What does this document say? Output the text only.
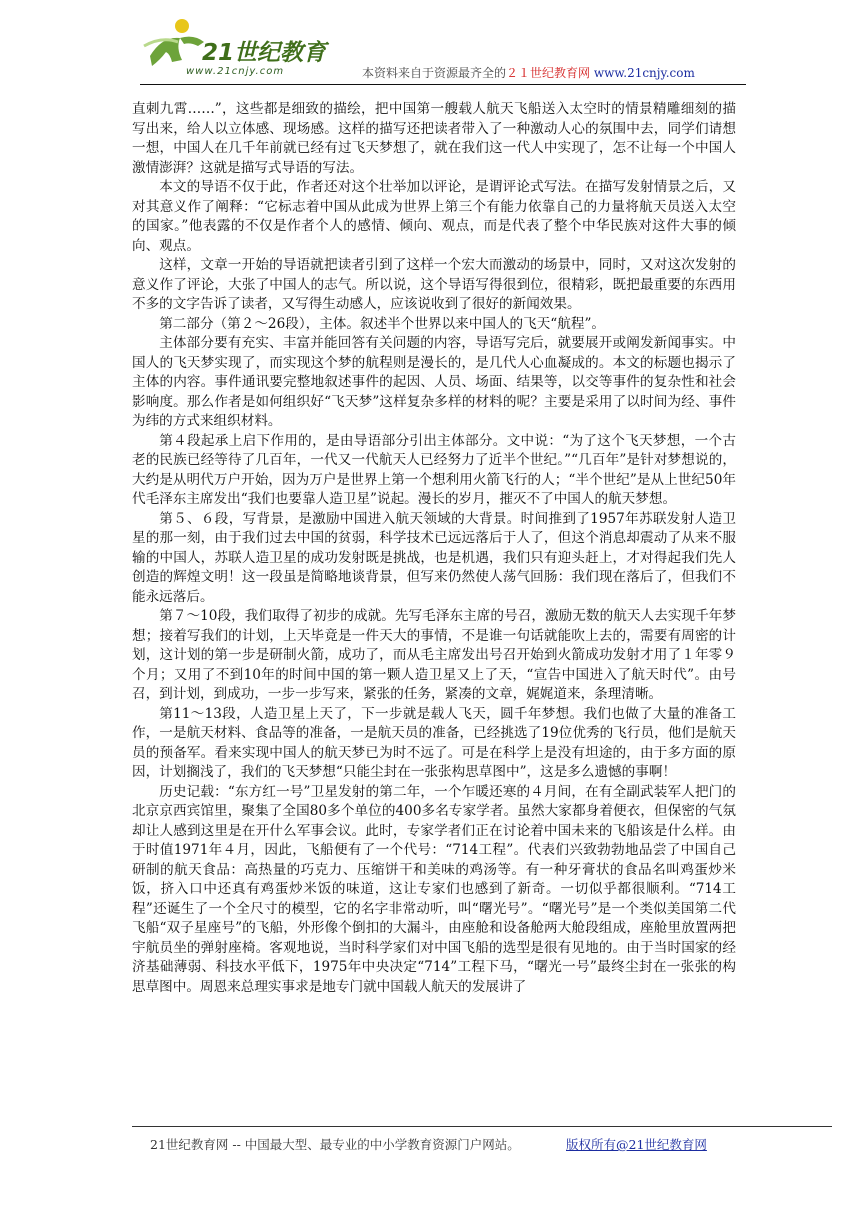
21世纪教育
www.21cnjy.com	本资料来自于资源最齐全的２１世纪教育网 www.21cnjy.com

直刺九霄……”，这些都是细致的描绘，把中国第一艘载人航天飞船送入太空时的情景精雕细刻的描写出来，给人以立体感、现场感。这样的描写还把读者带入了一种激动人心的氛围中去，同学们请想一想，中国人在几千年前就已经有过飞天梦想了，就在我们这一代人中实现了，怎不让每一个中国人激情澎湃？这就是描写式导语的写法。

本文的导语不仅于此，作者还对这个壮举加以评论，是谓评论式写法。在描写发射情景之后，又对其意义作了阐释：“它标志着中国从此成为世界上第三个有能力依靠自己的力量将航天员送入太空的国家。”他表露的不仅是作者个人的感情、倾向、观点，而是代表了整个中华民族对这件大事的倾向、观点。

这样，文章一开始的导语就把读者引到了这样一个宏大而激动的场景中，同时，又对这次发射的意义作了评论，大张了中国人的志气。所以说，这个导语写得很到位，很精彩，既把最重要的东西用不多的文字告诉了读者，又写得生动感人，应该说收到了很好的新闻效果。

第二部分（第２～26段），主体。叙述半个世界以来中国人的飞天“航程”。

主体部分要有充实、丰富并能回答有关问题的内容，导语写完后，就要展开或阐发新闻事实。中国人的飞天梦实现了，而实现这个梦的航程则是漫长的，是几代人心血凝成的。本文的标题也揭示了主体的内容。事件通讯要完整地叙述事件的起因、人员、场面、结果等，以交等事件的复杂性和社会影响度。那么作者是如何组织好“飞天梦”这样复杂多样的材料的呢？主要是采用了以时间为经、事件为纬的方式来组织材料。

第４段起承上启下作用的，是由导语部分引出主体部分。文中说：“为了这个飞天梦想，一个古老的民族已经等待了几百年，一代又一代航天人已经努力了近半个世纪。”“几百年”是针对梦想说的，大约是从明代万户开始，因为万户是世界上第一个想利用火箭飞行的人；“半个世纪”是从上世纪50年代毛泽东主席发出“我们也要靠人造卫星”说起。漫长的岁月，摧灭不了中国人的航天梦想。

第５、６段，写背景，是激励中国进入航天领域的大背景。时间推到了1957年苏联发射人造卫星的那一刻，由于我们过去中国的贫弱，科学技术已远远落后于人了，但这个消息却震动了从来不服输的中国人，苏联人造卫星的成功发射既是挑战，也是机遇，我们只有迎头赶上，才对得起我们先人创造的辉煌文明！这一段虽是简略地谈背景，但写来仍然使人荡气回肠：我们现在落后了，但我们不能永远落后。

第７～10段，我们取得了初步的成就。先写毛泽东主席的号召，激励无数的航天人去实现千年梦想；接着写我们的计划，上天毕竟是一件天大的事情，不是谁一句话就能吹上去的，需要有周密的计划，这计划的第一步是研制火箭，成功了，而从毛主席发出号召开始到火箭成功发射才用了１年零９个月；又用了不到10年的时间中国的第一颗人造卫星又上了天，“宣告中国进入了航天时代”。由号召，到计划，到成功，一步一步写来，紧张的任务，紧凑的文章，娓娓道来，条理清晰。

第11～13段，人造卫星上天了，下一步就是载人飞天，圆千年梦想。我们也做了大量的准备工作，一是航天材料、食品等的准备，一是航天员的准备，已经挑选了19位优秀的飞行员，他们是航天员的预备军。看来实现中国人的航天梦已为时不远了。可是在科学上是没有坦途的，由于多方面的原因，计划搁浅了，我们的飞天梦想“只能尘封在一张张构思草图中”，这是多么遗憾的事啊！

历史记载：“东方红一号”卫星发射的第二年，一个乍暖还寒的４月间，在有全副武装军人把门的北京京西宾馆里，聚集了全国80多个单位的400多名专家学者。虽然大家都身着便衣，但保密的气氛却让人感到这里是在开什么军事会议。此时，专家学者们正在讨论着中国未来的飞船该是什么样。由于时值1971年４月，因此，飞船便有了一个代号：“714工程”。代表们兴致勃勃地品尝了中国自己研制的航天食品：高热量的巧克力、压缩饼干和美味的鸡汤等。有一种牙膏状的食品名叫鸡蛋炒米饭，挤入口中还真有鸡蛋炒米饭的味道，这让专家们也感到了新奇。一切似乎都很顺利。“714工程”还诞生了一个全尺寸的模型，它的名字非常动听，叫“曙光号”。“曙光号”是一个类似美国第二代飞船“双子星座号”的飞船，外形像个倒扣的大漏斗，由座舱和设备舱两大舱段组成，座舱里放置两把宇航员坐的弹射座椅。客观地说，当时科学家们对中国飞船的选型是很有见地的。由于当时国家的经济基础薄弱、科技水平低下，1975年中央决定“714”工程下马，“曙光一号”最终尘封在一张张的构思草图中。周恩来总理实事求是地专门就中国载人航天的发展讲了

21世纪教育网 -- 中国最大型、最专业的中小学教育资源门户网站。	版权所有@21世纪教育网
